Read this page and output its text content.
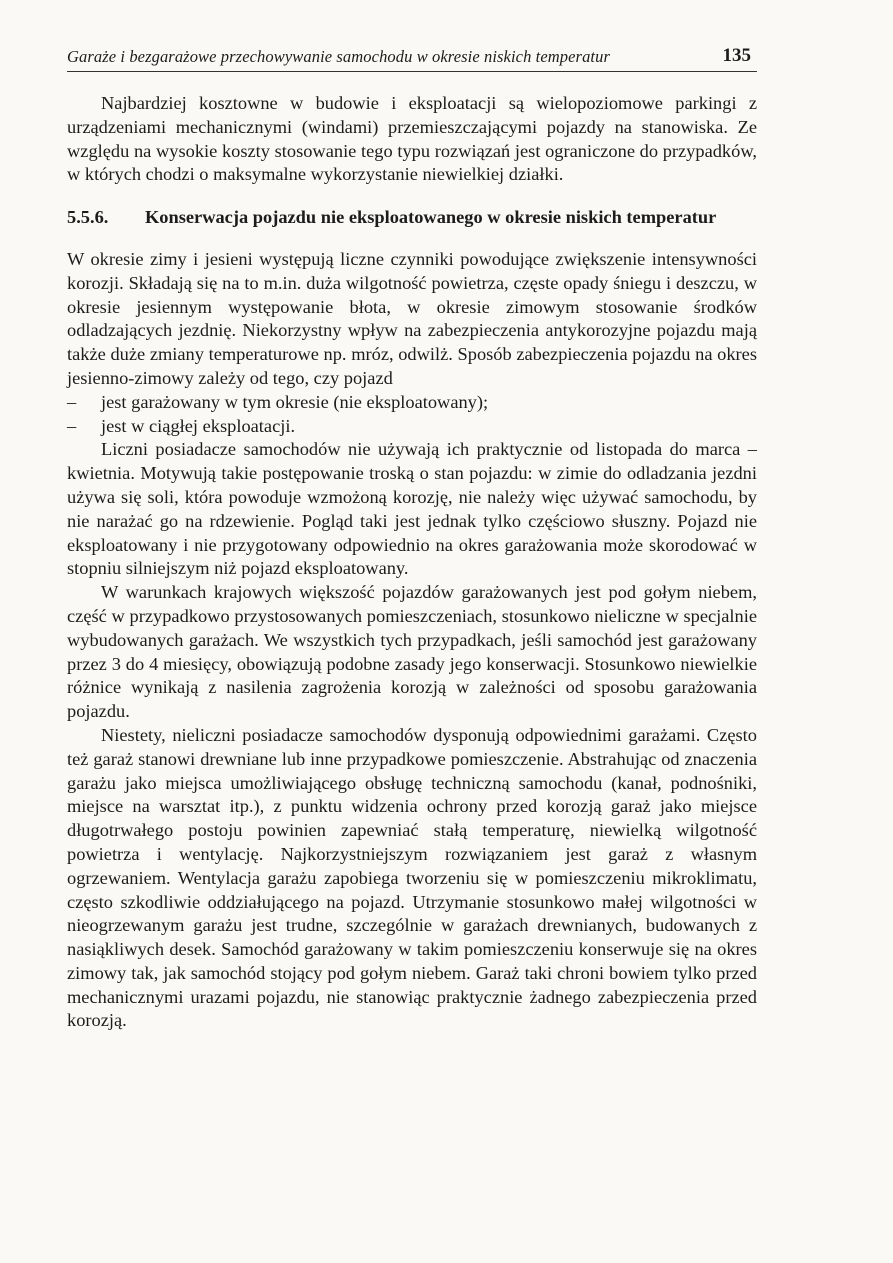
Garaże i bezgarażowe przechowywanie samochodu w okresie niskich temperatur	135

Najbardziej kosztowne w budowie i eksploatacji są wielopoziomowe parkingi z urządzeniami mechanicznymi (windami) przemieszczającymi pojazdy na stanowiska. Ze względu na wysokie koszty stosowanie tego typu rozwiązań jest ograniczone do przypadków, w których chodzi o maksymalne wykorzystanie niewielkiej działki.

5.5.6.	Konserwacja pojazdu nie eksploatowanego w okresie niskich temperatur

W okresie zimy i jesieni występują liczne czynniki powodujące zwiększenie intensywności korozji. Składają się na to m.in. duża wilgotność powietrza, częste opady śniegu i deszczu, w okresie jesiennym występowanie błota, w okresie zimowym stosowanie środków odladzających jezdnię. Niekorzystny wpływ na zabezpieczenia antykorozyjne pojazdu mają także duże zmiany temperaturowe np. mróz, odwilż. Sposób zabezpieczenia pojazdu na okres jesienno-zimowy zależy od tego, czy pojazd

– jest garażowany w tym okresie (nie eksploatowany);
– jest w ciągłej eksploatacji.

Liczni posiadacze samochodów nie używają ich praktycznie od listopada do marca – kwietnia. Motywują takie postępowanie troską o stan pojazdu: w zimie do odladzania jezdni używa się soli, która powoduje wzmożoną korozję, nie należy więc używać samochodu, by nie narażać go na rdzewienie. Pogląd taki jest jednak tylko częściowo słuszny. Pojazd nie eksploatowany i nie przygotowany odpowiednio na okres garażowania może skorodować w stopniu silniejszym niż pojazd eksploatowany.

W warunkach krajowych większość pojazdów garażowanych jest pod gołym niebem, część w przypadkowo przystosowanych pomieszczeniach, stosunkowo nieliczne w specjalnie wybudowanych garażach. We wszystkich tych przypadkach, jeśli samochód jest garażowany przez 3 do 4 miesięcy, obowiązują podobne zasady jego konserwacji. Stosunkowo niewielkie różnice wynikają z nasilenia zagrożenia korozją w zależności od sposobu garażowania pojazdu.

Niestety, nieliczni posiadacze samochodów dysponują odpowiednimi garażami. Często też garaż stanowi drewniane lub inne przypadkowe pomieszczenie. Abstrahując od znaczenia garażu jako miejsca umożliwiającego obsługę techniczną samochodu (kanał, podnośniki, miejsce na warsztat itp.), z punktu widzenia ochrony przed korozją garaż jako miejsce długotrwałego postoju powinien zapewniać stałą temperaturę, niewielką wilgotność powietrza i wentylację. Najkorzystniejszym rozwiązaniem jest garaż z własnym ogrzewaniem. Wentylacja garażu zapobiega tworzeniu się w pomieszczeniu mikroklimatu, często szkodliwie oddziałującego na pojazd. Utrzymanie stosunkowo małej wilgotności w nieogrzewanym garażu jest trudne, szczególnie w garażach drewnianych, budowanych z nasiąkliwych desek. Samochód garażowany w takim pomieszczeniu konserwuje się na okres zimowy tak, jak samochód stojący pod gołym niebem. Garaż taki chroni bowiem tylko przed mechanicznymi urazami pojazdu, nie stanowiąc praktycznie żadnego zabezpieczenia przed korozją.
